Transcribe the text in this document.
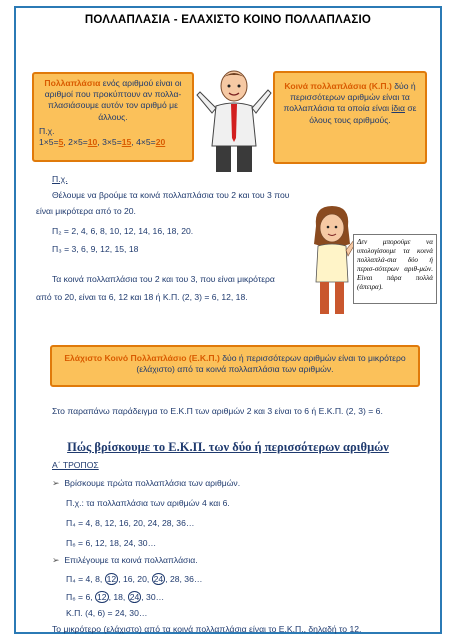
ΠΟΛΛΑΠΛΑΣΙΑ - ΕΛΑΧΙΣΤΟ ΚΟΙΝΟ ΠΟΛΛΑΠΛΑΣΙΟ
Πολλαπλάσια ενός αριθμού είναι οι αριθμοί που προκύπτουν αν πολλα-πλασιάσουμε αυτόν τον αριθμό με άλλους.
Π.χ.
1×5=5, 2×5=10, 3×5=15, 4×5=20
Κοινά πολλαπλάσια (Κ.Π.) δύο ή περισσότερων αριθμών είναι τα πολλαπλάσια τα οποία είναι ίδια σε όλους τους αριθμούς.
Π.χ.
Θέλουμε να βρούμε τα κοινά πολλαπλάσια του 2 και του 3 που
είναι μικρότερα από το 20.
Π₂ = 2, 4, 6, 8, 10, 12, 14, 16, 18, 20.
Π₃ = 3, 6, 9, 12, 15, 18
Τα κοινά πολλαπλάσια του 2 και του 3, που είναι μικρότερα
από το 20, είναι τα 6, 12 και 18 ή Κ.Π. (2, 3) = 6, 12, 18.
Δεν μπορούμε να υπολογίσουμε τα κοινά πολλαπλά-σια δύο ή περισ-σότερων αριθ-μών. Είναι πάρα πολλά (άπειρα).
Ελάχιστο Κοινό Πολλαπλάσιο (Ε.Κ.Π.) δύο ή περισσότερων αριθμών είναι το μικρότερο (ελάχιστο) από τα κοινά πολλαπλάσια των αριθμών.
Στο παραπάνω παράδειγμα το Ε.Κ.Π των αριθμών 2 και 3 είναι το 6 ή Ε.Κ.Π. (2, 3) = 6.
Πώς βρίσκουμε το Ε.Κ.Π. των δύο ή περισσότερων αριθμών
Α΄ ΤΡΟΠΟΣ
➢ Βρίσκουμε πρώτα πολλαπλάσια των αριθμών.
Π.χ.: τα πολλαπλάσια των αριθμών 4 και 6.
Π₄ = 4, 8, 12, 16, 20, 24, 28, 36…
Π₆ = 6, 12, 18, 24, 30…
➢ Επιλέγουμε τα κοινά πολλαπλάσια.
Π₄ = 4, 8, 12 , 16, 20, 24 , 28, 36…
Π₆ = 6, 12 , 18, 24 , 30…
Κ.Π. (4, 6) = 24, 30…
Το μικρότερο (ελάχιστο) από τα κοινά πολλαπλάσια είναι το Ε.Κ.Π., δηλαδή το 12.
